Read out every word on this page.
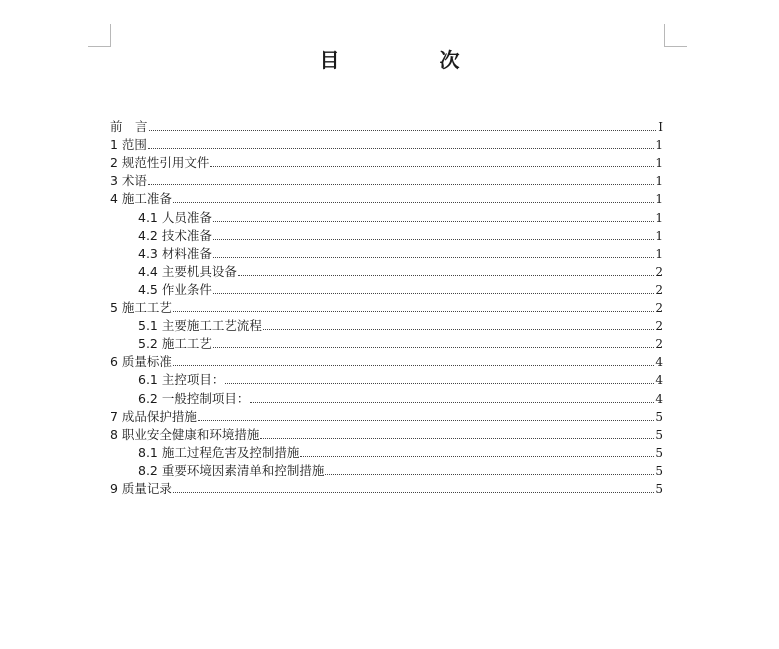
目　次
前　言	I
1 范围	1
2 规范性引用文件	1
3 术语	1
4 施工准备	1
4.1 人员准备	1
4.2 技术准备	1
4.3 材料准备	1
4.4 主要机具设备	2
4.5 作业条件	2
5 施工工艺	2
5.1 主要施工工艺流程	2
5.2 施工工艺	2
6 质量标准	4
6.1 主控项目：	4
6.2 一般控制项目：	4
7 成品保护措施	5
8 职业安全健康和环境措施	5
8.1 施工过程危害及控制措施	5
8.2 重要环境因素清单和控制措施	5
9 质量记录	5
